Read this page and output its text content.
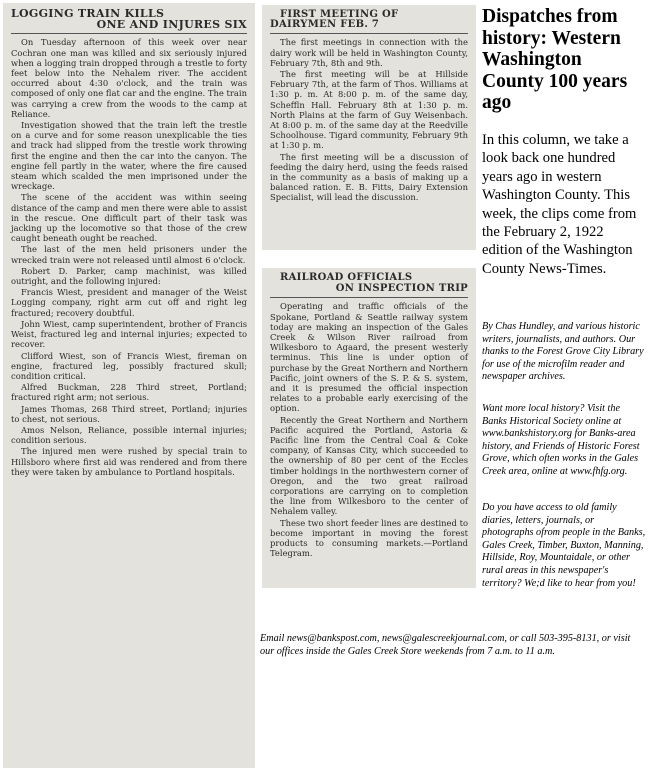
LOGGING TRAIN KILLS

ONE AND INJURES SIX

On Tuesday afternoon of this week over near Cochran one man was killed and six seriously injured when a logging train dropped through a trestle to forty feet below into the Nehalem river. The accident occurred about 4:30 o'clock, and the train was composed of only one flat car and the engine. The train was carrying a crew from the woods to the camp at Reliance.

Investigation showed that the train left the trestle on a curve and for some reason unexplicable the ties and track had slipped from the trestle work throwing first the engine and then the car into the canyon. The engine fell partly in the water, where the fire caused steam which scalded the men imprisoned under the wreckage.

The scene of the accident was within seeing distance of the camp and men there were able to assist in the rescue. One difficult part of their task was jacking up the locomotive so that those of the crew caught beneath ought be reached.

The last of the men held prisoners under the wrecked train were not released until almost 6 o'clock.

Robert D. Parker, camp machinist, was killed outright, and the following injured:

Francis Wiest, president and manager of the Weist Logging company, right arm cut off and right leg fractured; recovery doubtful.

John Wiest, camp superintendent, brother of Francis Weist, fractured leg and internal injuries; expected to recover.

Clifford Wiest, son of Francis Wiest, fireman on engine, fractured leg, possibly fractured skull; condition critical.

Alfred Buckman, 228 Third street, Portland; fractured right arm; not serious.

James Thomas, 268 Third street, Portland; injuries to chest, not serious.

Amos Nelson, Reliance, possible internal injuries; condition serious.

The injured men were rushed by special train to Hillsboro where first aid was rendered and from there they were taken by ambulance to Portland hospitals.

FIRST MEETING OF DAIRYMEN FEB. 7

The first meetings in connection with the dairy work will be held in Washington County, February 7th, 8th and 9th.

The first meeting will be at Hillside February 7th, at the farm of Thos. Williams at 1:30 p. m. At 8:00 p. m. of the same day, Scheffln Hall. February 8th at 1:30 p. m. North Plains at the farm of Guy Weisenbach. At 8:00 p. m. of the same day at the Reedville Schoolhouse. Tigard community, February 9th at 1:30 p. m.

The first meeting will be a discussion of feeding the dairy herd, using the feeds raised in the community as a basis of making up a balanced ration. E. B. Fitts, Dairy Extension Specialist, will lead the discussion.

RAILROAD OFFICIALS

ON INSPECTION TRIP

Operating and traffic officials of the Spokane, Portland & Seattle railway system today are making an inspection of the Gales Creek & Wilson River railroad from Wilkesboro to Agaard, the present westerly terminus. This line is under option of purchase by the Great Northern and Northern Pacific, joint owners of the S. P. & S. system, and it is presumed the official inspection relates to a probable early exercising of the option.

Recently the Great Northern and Northern Pacific acquired the Portland, Astoria & Pacific line from the Central Coal & Coke company, of Kansas City, which succeeded to the ownership of 80 per cent of the Eccles timber holdings in the northwestern corner of Oregon, and the two great railroad corporations are carrying on to completion the line from Wilkesboro to the center of Nehalem valley.

These two short feeder lines are destined to become important in moving the forest products to consuming markets.—Portland Telegram.

Dispatches from history: Western Washington County 100 years ago

In this column, we take a look back one hundred years ago in western Washington County. This week, the clips come from the February 2, 1922 edition of the Washington County News-Times.

By Chas Hundley, and various historic writers, journalists, and authors. Our thanks to the Forest Grove City Library for use of the microfilm reader and newspaper archives.

Want more local history? Visit the Banks Historical Society online at www.bankshistory.org for Banks-area history, and Friends of Historic Forest Grove, which often works in the Gales Creek area, online at www.fhfg.org.

Do you have access to old family diaries, letters, journals, or photographs ofrom people in the Banks, Gales Creek, Timber, Buxton, Manning, Hillside, Roy, Mountaidale, or other rural areas in this newspaper's territory? We;d like to hear from you!

Email news@bankspost.com, news@galescreekjournal.com, or call 503-395-8131, or visit our offices inside the Gales Creek Store weekends from 7 a.m. to 11 a.m.
